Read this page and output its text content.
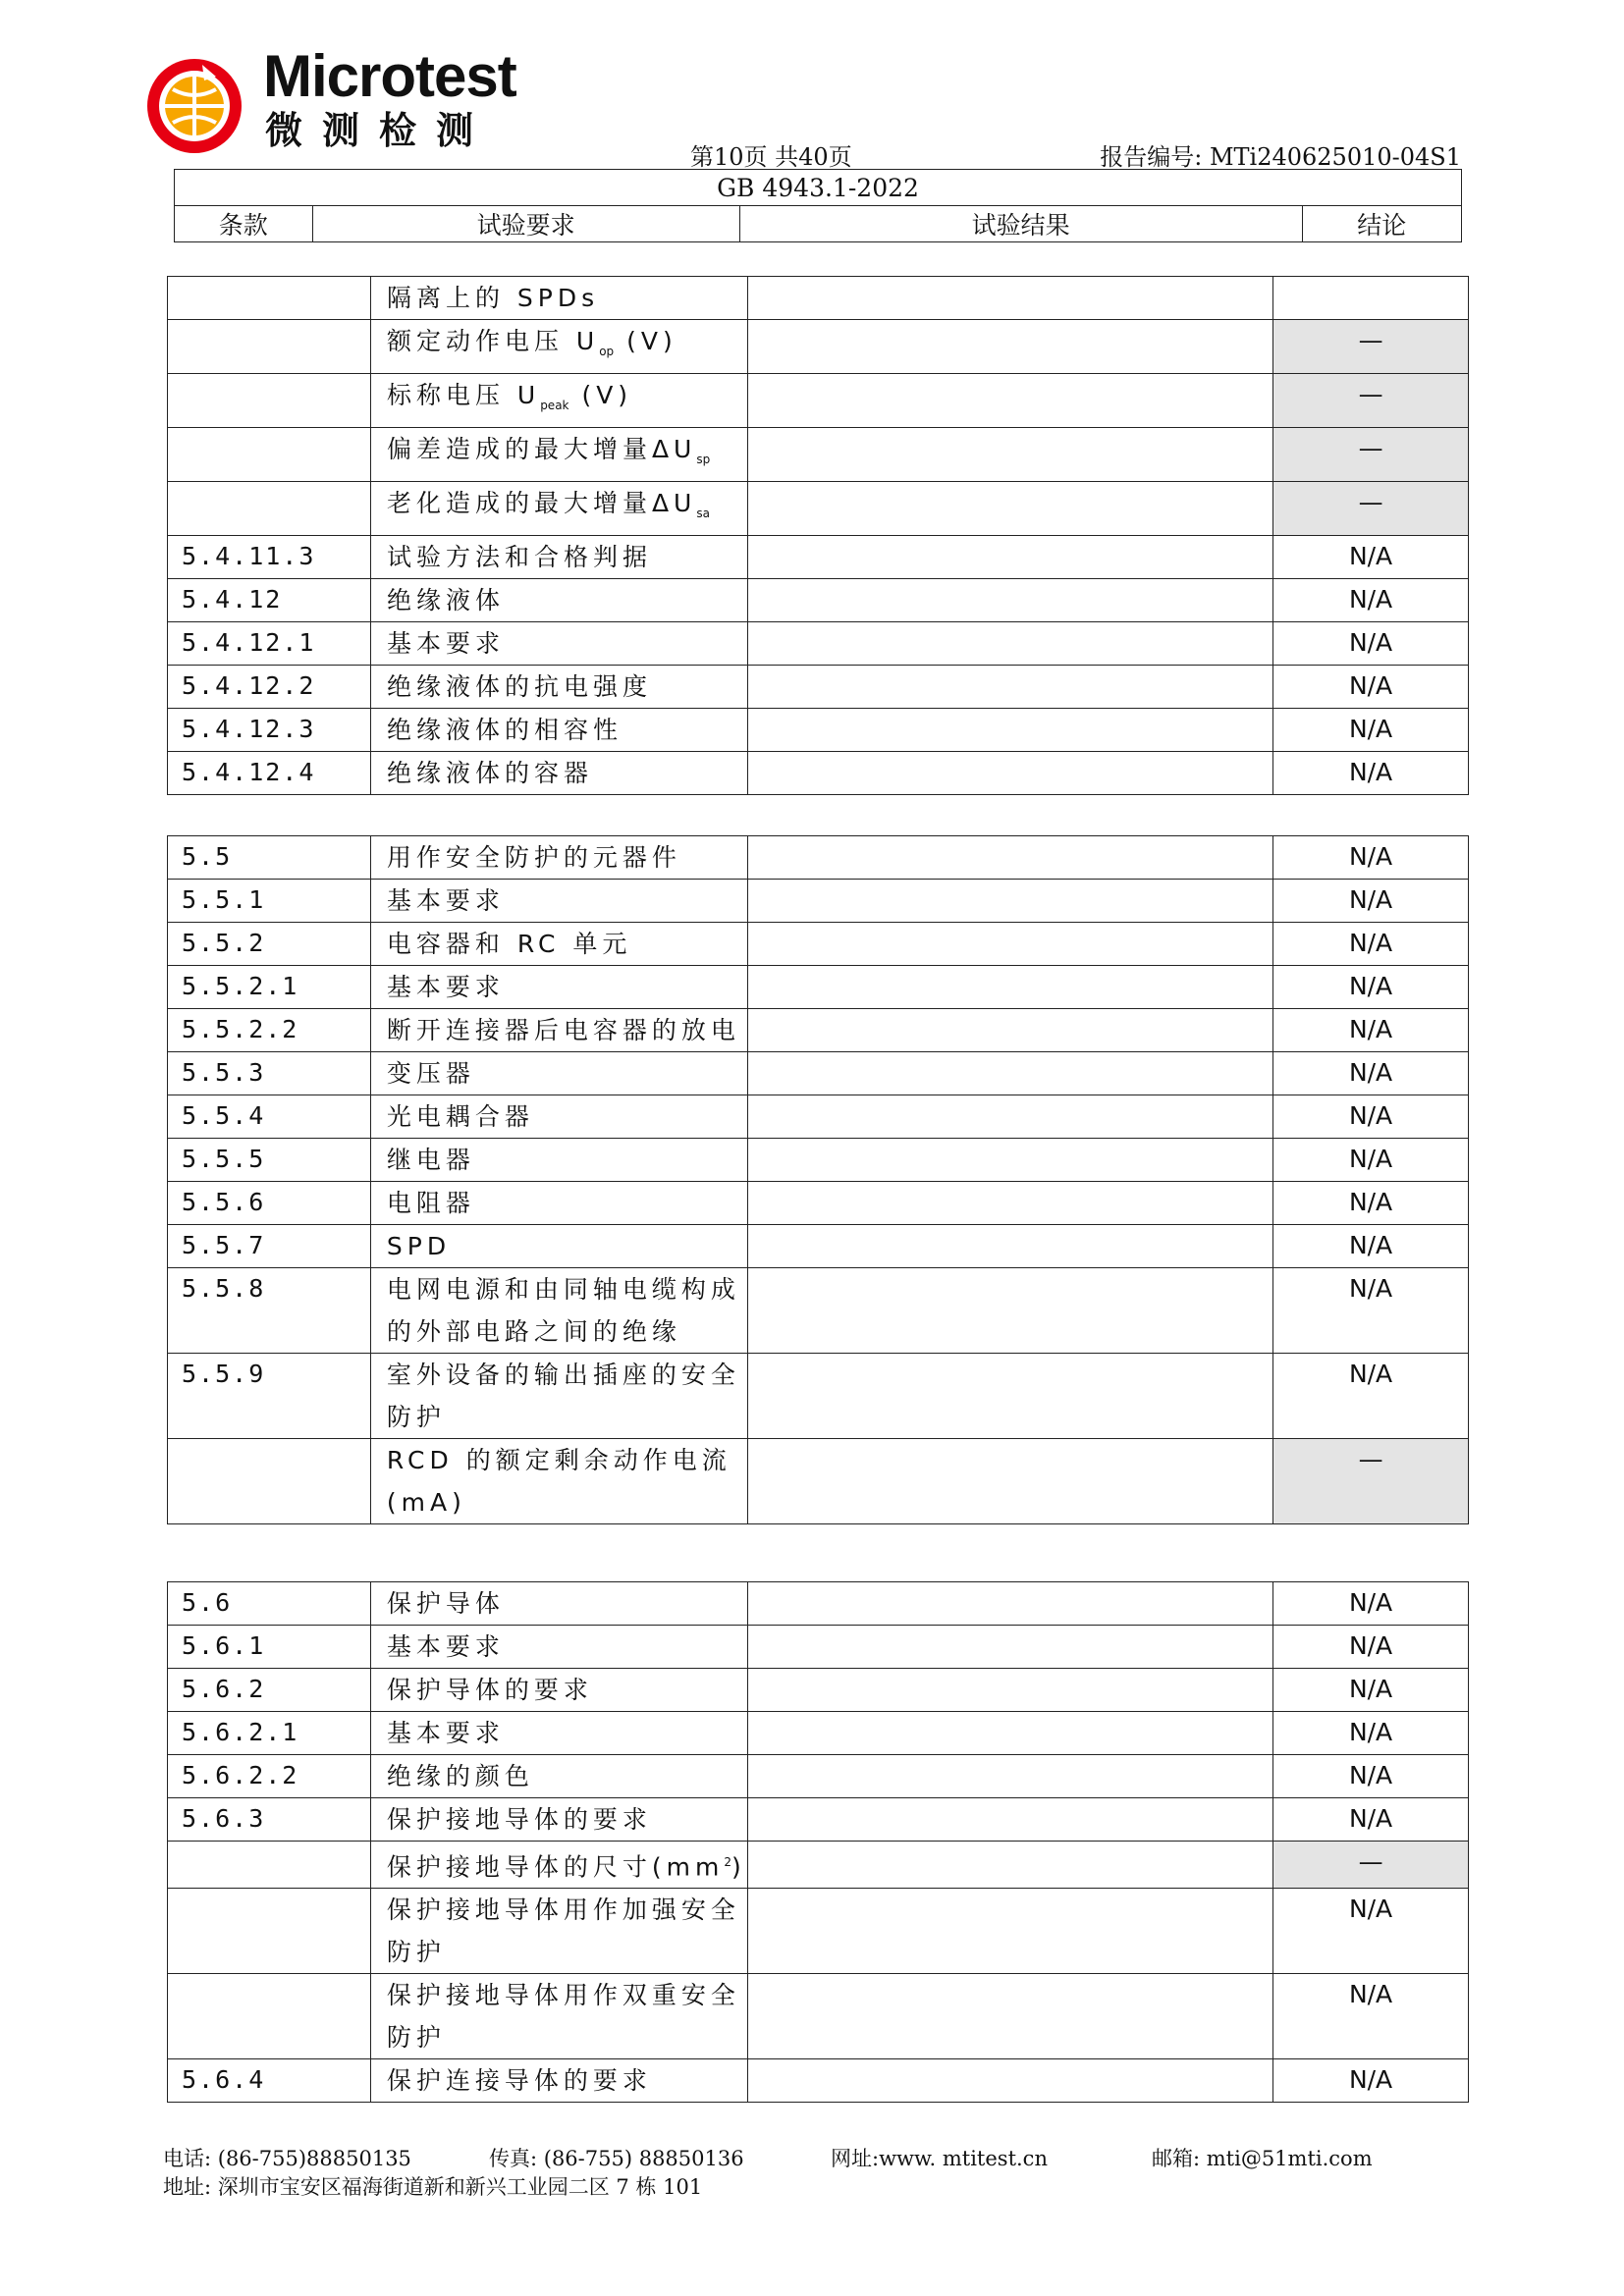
Microtest
微测检测
第10页 共40页	报告编号: MTi240625010-04S1
GB 4943.1-2022
条款	试验要求	试验结果	结论
	隔离上的 SPDs		
	额定动作电压 $U_{op}$ (V)		—
	标称电压 $U_{peak}$ (V)		—
	偏差造成的最大增量$\Delta U_{sp}$		—
	老化造成的最大增量$\Delta U_{sa}$		—
5.4.11.3	试验方法和合格判据		N/A
5.4.12	绝缘液体		N/A
5.4.12.1	基本要求		N/A
5.4.12.2	绝缘液体的抗电强度		N/A
5.4.12.3	绝缘液体的相容性		N/A
5.4.12.4	绝缘液体的容器		N/A
5.5	用作安全防护的元器件		N/A
5.5.1	基本要求		N/A
5.5.2	电容器和 RC 单元		N/A
5.5.2.1	基本要求		N/A
5.5.2.2	断开连接器后电容器的放电		N/A
5.5.3	变压器		N/A
5.5.4	光电耦合器		N/A
5.5.5	继电器		N/A
5.5.6	电阻器		N/A
5.5.7	SPD		N/A
5.5.8	电网电源和由同轴电缆构成的外部电路之间的绝缘		N/A
5.5.9	室外设备的输出插座的安全防护		N/A
	RCD 的额定剩余动作电流(mA)		—
5.6	保护导体		N/A
5.6.1	基本要求		N/A
5.6.2	保护导体的要求		N/A
5.6.2.1	基本要求		N/A
5.6.2.2	绝缘的颜色		N/A
5.6.3	保护接地导体的要求		N/A
	保护接地导体的尺寸$(mm^2)$		—
	保护接地导体用作加强安全防护		N/A
	保护接地导体用作双重安全防护		N/A
5.6.4	保护连接导体的要求		N/A
电话: (86-755)88850135	传真: (86-755) 88850136	网址:www. mtitest.cn	邮箱: mti@51mti.com
地址: 深圳市宝安区福海街道新和新兴工业园二区 7 栋 101
